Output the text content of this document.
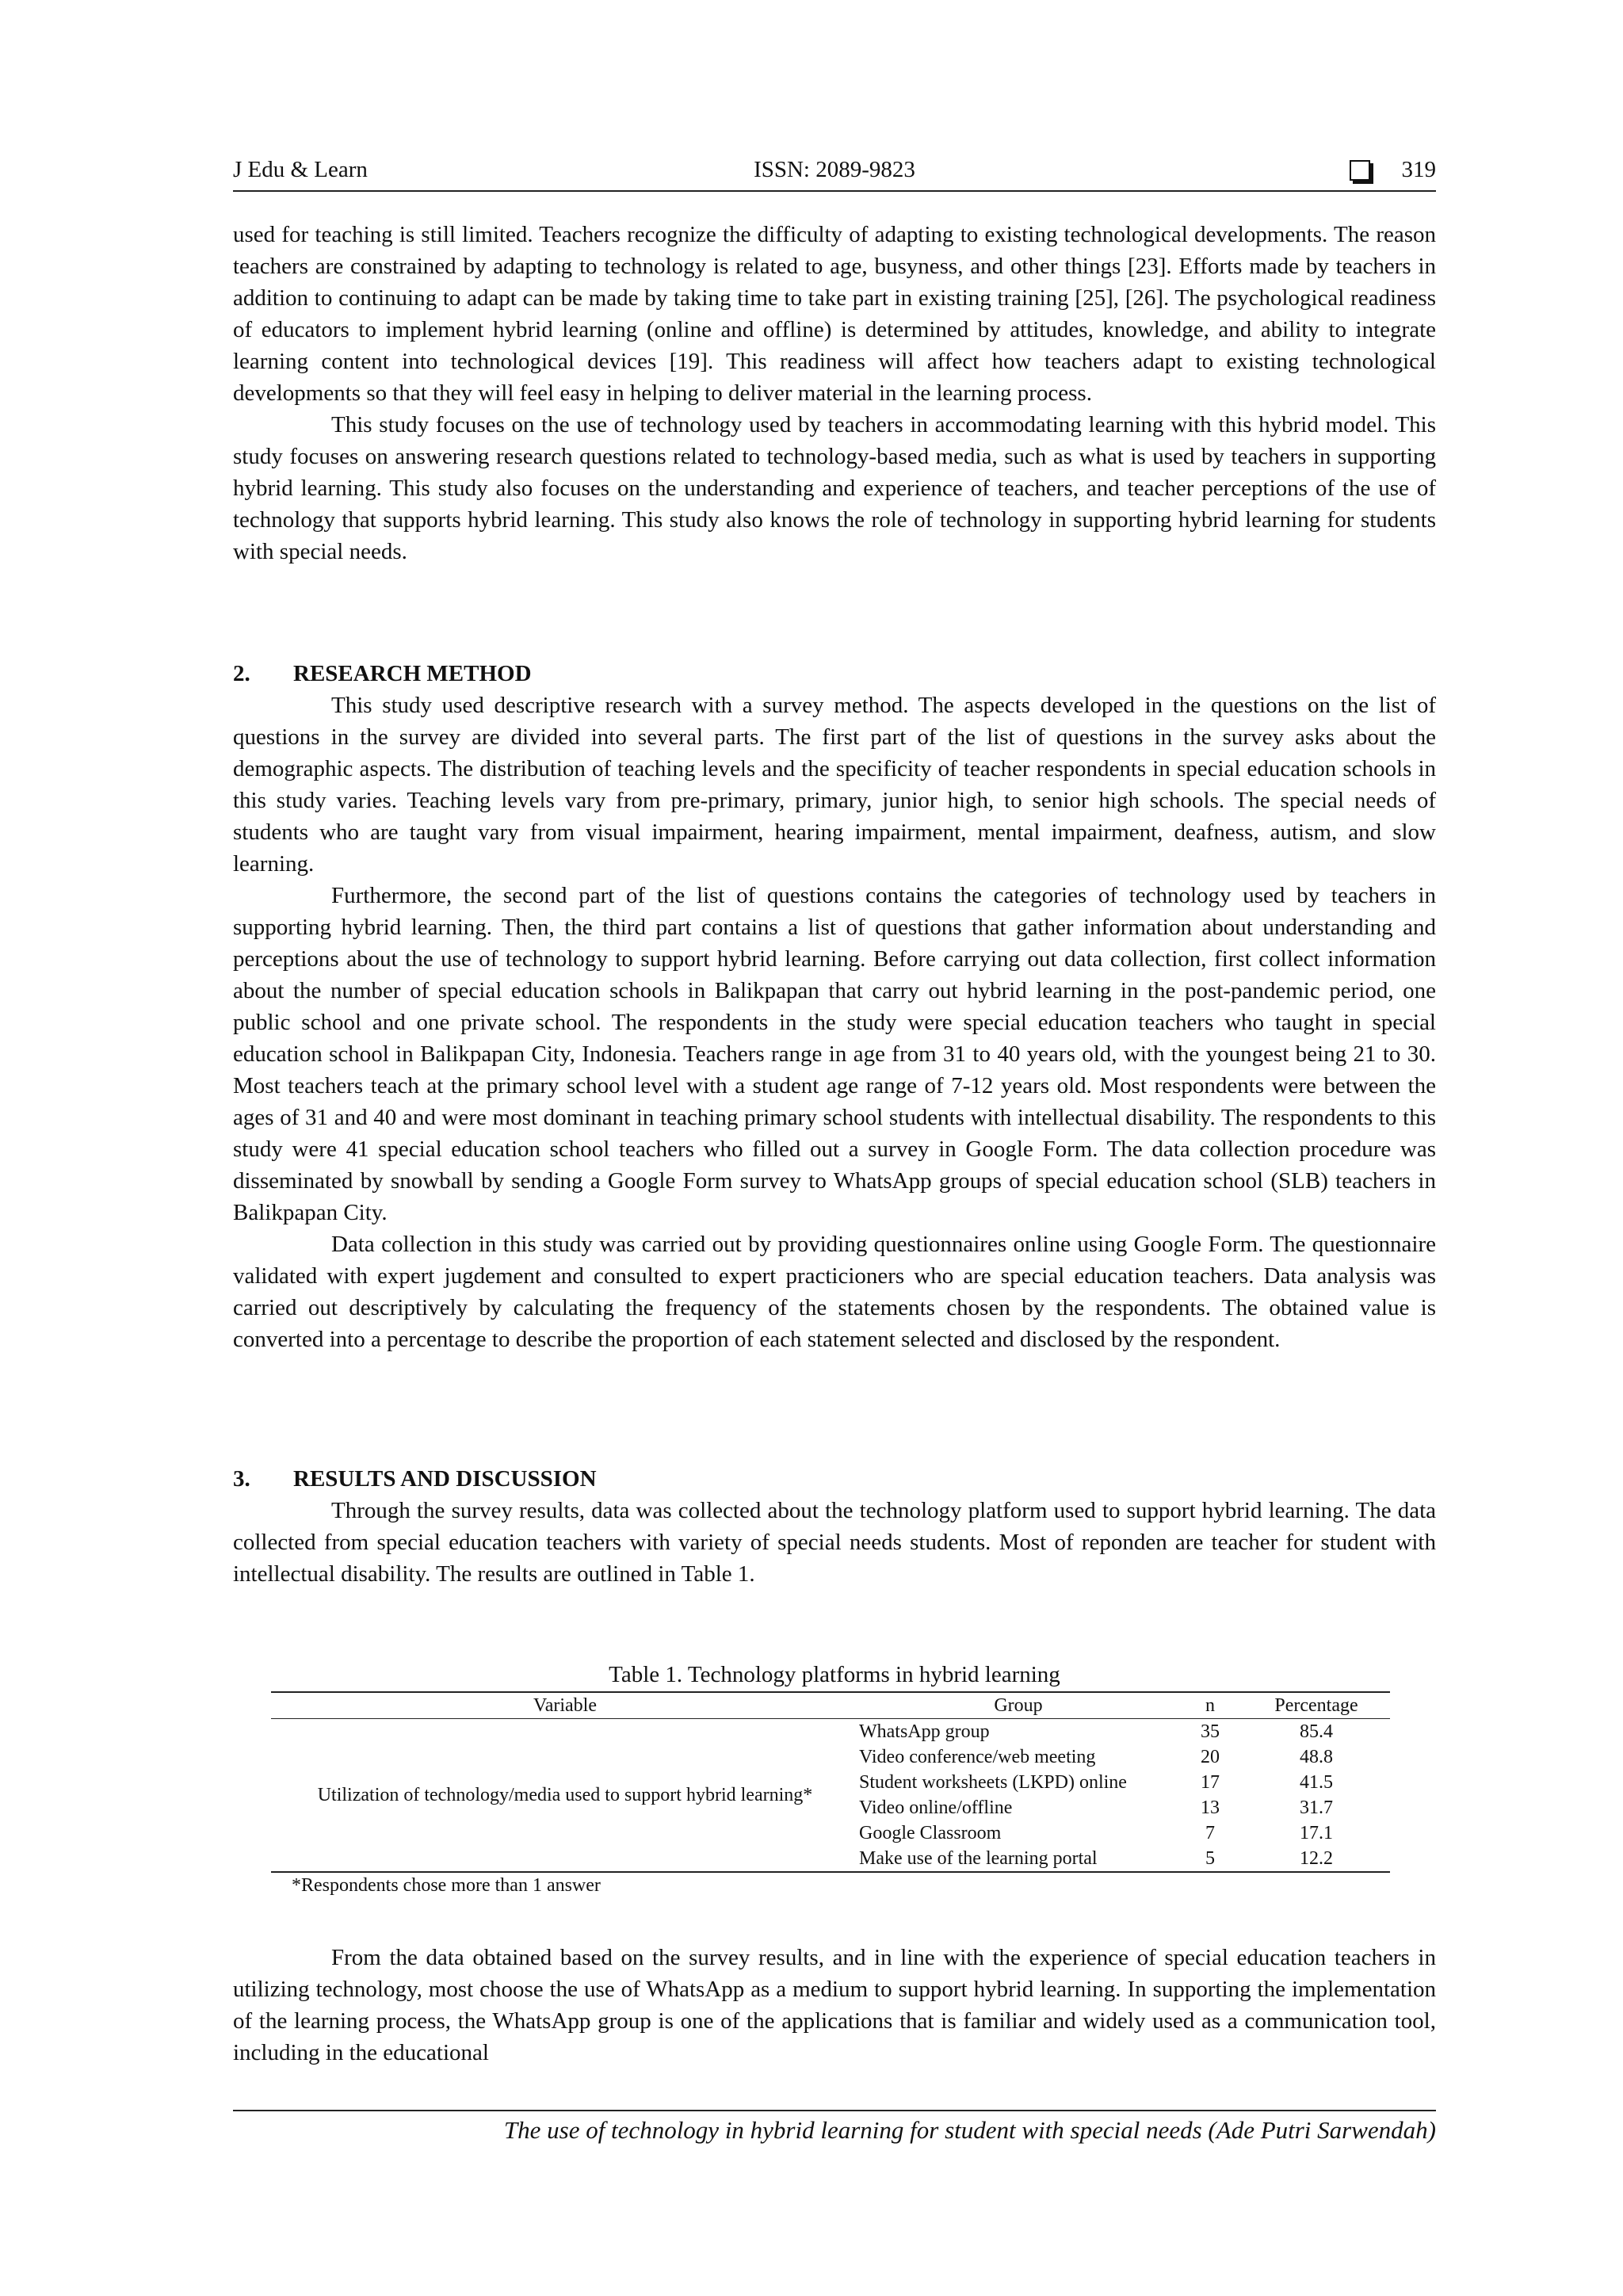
J Edu & Learn	ISSN: 2089-9823	319

used for teaching is still limited. Teachers recognize the difficulty of adapting to existing technological developments. The reason teachers are constrained by adapting to technology is related to age, busyness, and other things [23]. Efforts made by teachers in addition to continuing to adapt can be made by taking time to take part in existing training [25], [26]. The psychological readiness of educators to implement hybrid learning (online and offline) is determined by attitudes, knowledge, and ability to integrate learning content into technological devices [19]. This readiness will affect how teachers adapt to existing technological developments so that they will feel easy in helping to deliver material in the learning process.

This study focuses on the use of technology used by teachers in accommodating learning with this hybrid model. This study focuses on answering research questions related to technology-based media, such as what is used by teachers in supporting hybrid learning. This study also focuses on the understanding and experience of teachers, and teacher perceptions of the use of technology that supports hybrid learning. This study also knows the role of technology in supporting hybrid learning for students with special needs.

2. RESEARCH METHOD

This study used descriptive research with a survey method. The aspects developed in the questions on the list of questions in the survey are divided into several parts. The first part of the list of questions in the survey asks about the demographic aspects. The distribution of teaching levels and the specificity of teacher respondents in special education schools in this study varies. Teaching levels vary from pre-primary, primary, junior high, to senior high schools. The special needs of students who are taught vary from visual impairment, hearing impairment, mental impairment, deafness, autism, and slow learning.

Furthermore, the second part of the list of questions contains the categories of technology used by teachers in supporting hybrid learning. Then, the third part contains a list of questions that gather information about understanding and perceptions about the use of technology to support hybrid learning. Before carrying out data collection, first collect information about the number of special education schools in Balikpapan that carry out hybrid learning in the post-pandemic period, one public school and one private school. The respondents in the study were special education teachers who taught in special education school in Balikpapan City, Indonesia. Teachers range in age from 31 to 40 years old, with the youngest being 21 to 30. Most teachers teach at the primary school level with a student age range of 7-12 years old. Most respondents were between the ages of 31 and 40 and were most dominant in teaching primary school students with intellectual disability. The respondents to this study were 41 special education school teachers who filled out a survey in Google Form. The data collection procedure was disseminated by snowball by sending a Google Form survey to WhatsApp groups of special education school (SLB) teachers in Balikpapan City.

Data collection in this study was carried out by providing questionnaires online using Google Form. The questionnaire validated with expert jugdement and consulted to expert practicioners who are special education teachers. Data analysis was carried out descriptively by calculating the frequency of the statements chosen by the respondents. The obtained value is converted into a percentage to describe the proportion of each statement selected and disclosed by the respondent.

3. RESULTS AND DISCUSSION

Through the survey results, data was collected about the technology platform used to support hybrid learning. The data collected from special education teachers with variety of special needs students. Most of reponden are teacher for student with intellectual disability. The results are outlined in Table 1.

Table 1. Technology platforms in hybrid learning
Variable	Group	n	Percentage
Utilization of technology/media used to support hybrid learning*
WhatsApp group	35	85.4
Video conference/web meeting	20	48.8
Student worksheets (LKPD) online	17	41.5
Video online/offline	13	31.7
Google Classroom	7	17.1
Make use of the learning portal	5	12.2
*Respondents chose more than 1 answer

From the data obtained based on the survey results, and in line with the experience of special education teachers in utilizing technology, most choose the use of WhatsApp as a medium to support hybrid learning. In supporting the implementation of the learning process, the WhatsApp group is one of the applications that is familiar and widely used as a communication tool, including in the educational

The use of technology in hybrid learning for student with special needs (Ade Putri Sarwendah)
